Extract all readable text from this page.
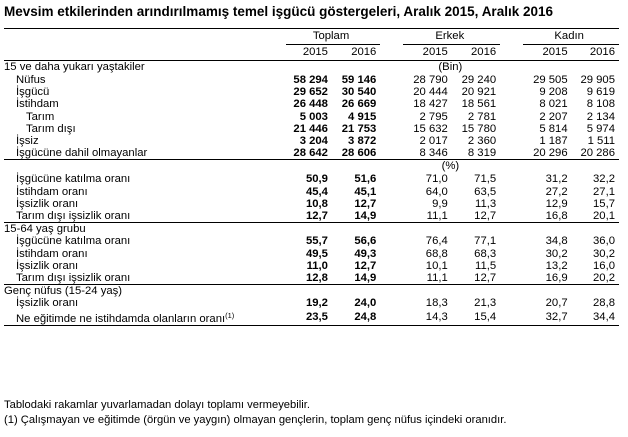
Mevsim etkilerinden arındırılmamış temel işgücü göstergeleri, Aralık 2015, Aralık 2016
	Toplam			Erkek			Kadın	
	2015	2016		2015	2016		2015	2016
15 ve daha yukarı yaştakiler	(Bin)							
Nüfus	58 294	59 146		28 790	29 240		29 505	29 905
İşgücü	29 652	30 540		20 444	20 921		9 208	9 619
İstihdam	26 448	26 669		18 427	18 561		8 021	8 108
Tarım	5 003	4 915		2 795	2 781		2 207	2 134
Tarım dışı	21 446	21 753		15 632	15 780		5 814	5 974
İşsiz	3 204	3 872		2 017	2 360		1 187	1 511
İşgücüne dahil olmayanlar	28 642	28 606		8 346	8 319		20 296	20 286
	(%)							
İşgücüne katılma oranı	50,9	51,6		71,0	71,5		31,2	32,2
İstihdam oranı	45,4	45,1		64,0	63,5		27,2	27,1
İşsizlik oranı	10,8	12,7		9,9	11,3		12,9	15,7
Tarım dışı işsizlik oranı	12,7	14,9		11,1	12,7		16,8	20,1
15-64 yaş grubu								
İşgücüne katılma oranı	55,7	56,6		76,4	77,1		34,8	36,0
İstihdam oranı	49,5	49,3		68,8	68,3		30,2	30,2
İşsizlik oranı	11,0	12,7		10,1	11,5		13,2	16,0
Tarım dışı işsizlik oranı	12,8	14,9		11,1	12,7		16,9	20,2
Genç nüfus (15-24 yaş)								
İşsizlik oranı	19,2	24,0		18,3	21,3		20,7	28,8
Ne eğitimde ne istihdamda olanların oranı$^{(1)}$	23,5	24,8		14,3	15,4		32,7	34,4
Tablodaki rakamlar yuvarlamadan dolayı toplamı vermeyebilir.
(1) Çalışmayan ve eğitimde (örgün ve yaygın) olmayan gençlerin, toplam genç nüfus içindeki oranıdır.
